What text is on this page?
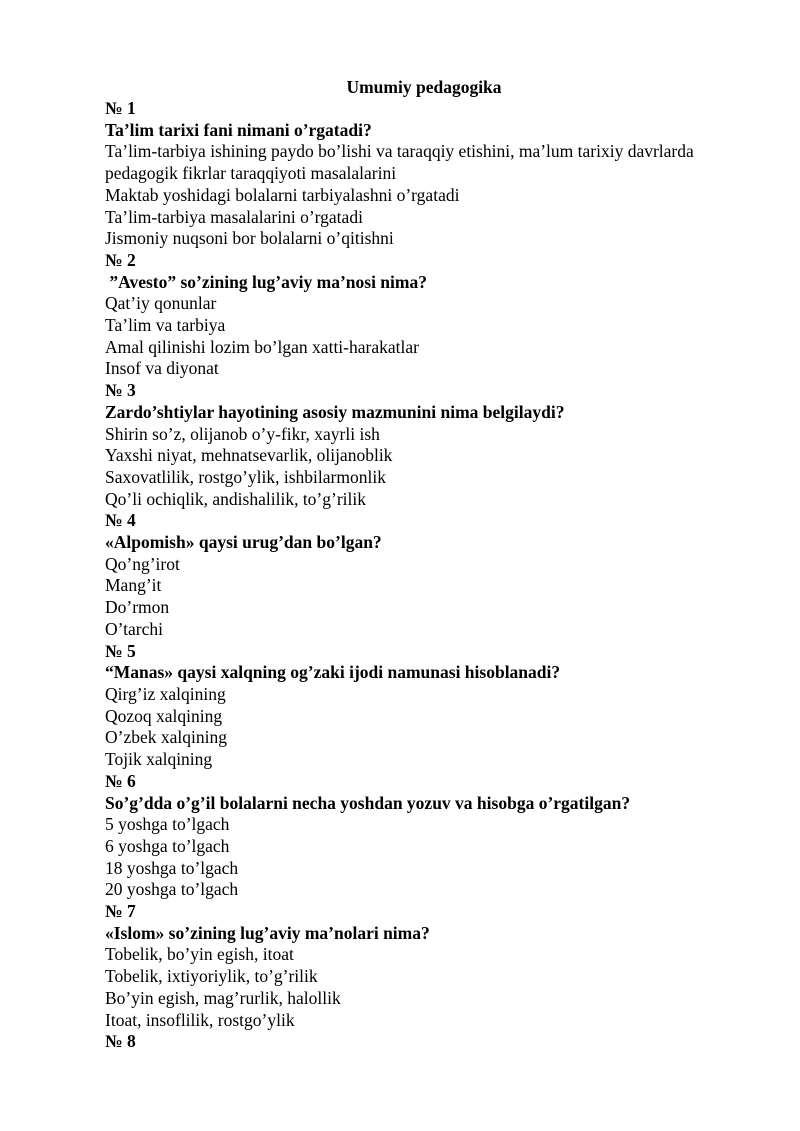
Umumiy pedagogika
№ 1
Ta’lim tarixi fani nimani o’rgatadi?
Ta’lim-tarbiya ishining paydo bo’lishi va taraqqiy etishini, ma’lum tarixiy davrlarda
pedagogik fikrlar taraqqiyoti masalalarini
Maktab yoshidagi bolalarni tarbiyalashni o’rgatadi
Ta’lim-tarbiya masalalarini o’rgatadi
Jismoniy nuqsoni bor bolalarni o’qitishni
№ 2
”Avesto” so’zining lug’aviy ma’nosi nima?
Qat’iy qonunlar
Ta’lim va tarbiya
Amal qilinishi lozim bo’lgan xatti-harakatlar
Insof va diyonat
№ 3
Zardo’shtiylar hayotining asosiy mazmunini nima belgilaydi?
Shirin so’z, olijanob o’y-fikr, xayrli ish
Yaxshi niyat, mehnatsevarlik, olijanoblik
Saxovatlilik, rostgo’ylik, ishbilarmonlik
Qo’li ochiqlik, andishalilik, to’g’rilik
№ 4
«Alpomish» qaysi urug’dan bo’lgan?
Qo’ng’irot
Mang’it
Do’rmon
O’tarchi
№ 5
“Manas» qaysi xalqning og’zaki ijodi namunasi hisoblanadi?
Qirg’iz xalqining
Qozoq xalqining
O’zbek xalqining
Tojik xalqining
№ 6
So’g’dda o’g’il bolalarni necha yoshdan yozuv va hisobga o’rgatilgan?
5 yoshga to’lgach
6 yoshga to’lgach
18 yoshga to’lgach
20 yoshga to’lgach
№ 7
«Islom» so’zining lug’aviy ma’nolari nima?
Tobelik, bo’yin egish, itoat
Tobelik, ixtiyoriylik, to’g’rilik
Bo’yin egish, mag’rurlik, halollik
Itoat, insoflilik, rostgo’ylik
№ 8
